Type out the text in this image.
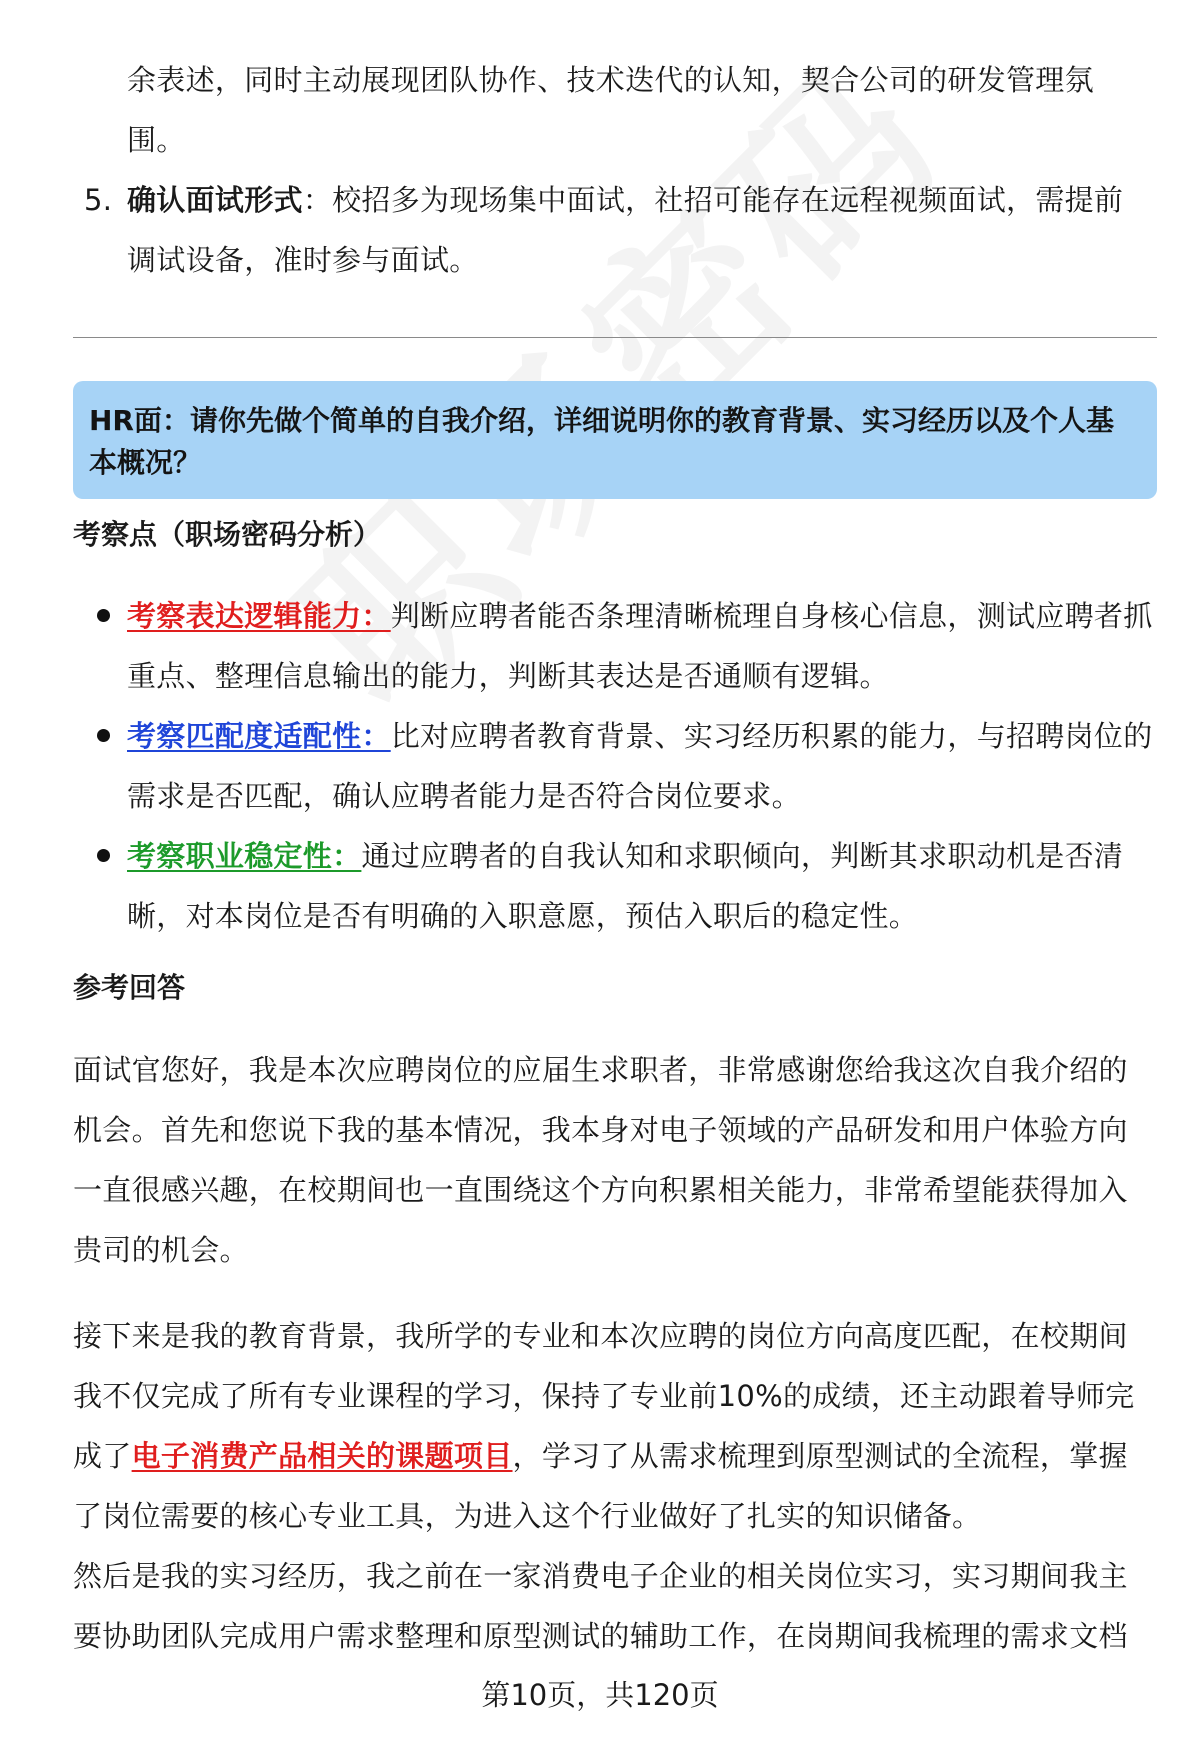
余表述，同时主动展现团队协作、技术迭代的认知，契合公司的研发管理氛围。
5. 确认面试形式：校招多为现场集中面试，社招可能存在远程视频面试，需提前调试设备，准时参与面试。
HR面：请你先做个简单的自我介绍，详细说明你的教育背景、实习经历以及个人基本概况？
考察点（职场密码分析）
考察表达逻辑能力：判断应聘者能否条理清晰梳理自身核心信息，测试应聘者抓重点、整理信息输出的能力，判断其表达是否通顺有逻辑。
考察匹配度适配性：比对应聘者教育背景、实习经历积累的能力，与招聘岗位的需求是否匹配，确认应聘者能力是否符合岗位要求。
考察职业稳定性：通过应聘者的自我认知和求职倾向，判断其求职动机是否清晰，对本岗位是否有明确的入职意愿，预估入职后的稳定性。
参考回答
面试官您好，我是本次应聘岗位的应届生求职者，非常感谢您给我这次自我介绍的机会。首先和您说下我的基本情况，我本身对电子领域的产品研发和用户体验方向一直很感兴趣，在校期间也一直围绕这个方向积累相关能力，非常希望能获得加入贵司的机会。
接下来是我的教育背景，我所学的专业和本次应聘的岗位方向高度匹配，在校期间我不仅完成了所有专业课程的学习，保持了专业前10%的成绩，还主动跟着导师完成了电子消费产品相关的课题项目，学习了从需求梳理到原型测试的全流程，掌握了岗位需要的核心专业工具，为进入这个行业做好了扎实的知识储备。
然后是我的实习经历，我之前在一家消费电子企业的相关岗位实习，实习期间我主要协助团队完成用户需求整理和原型测试的辅助工作，在岗期间我梳理的需求文档
第10页，共120页
